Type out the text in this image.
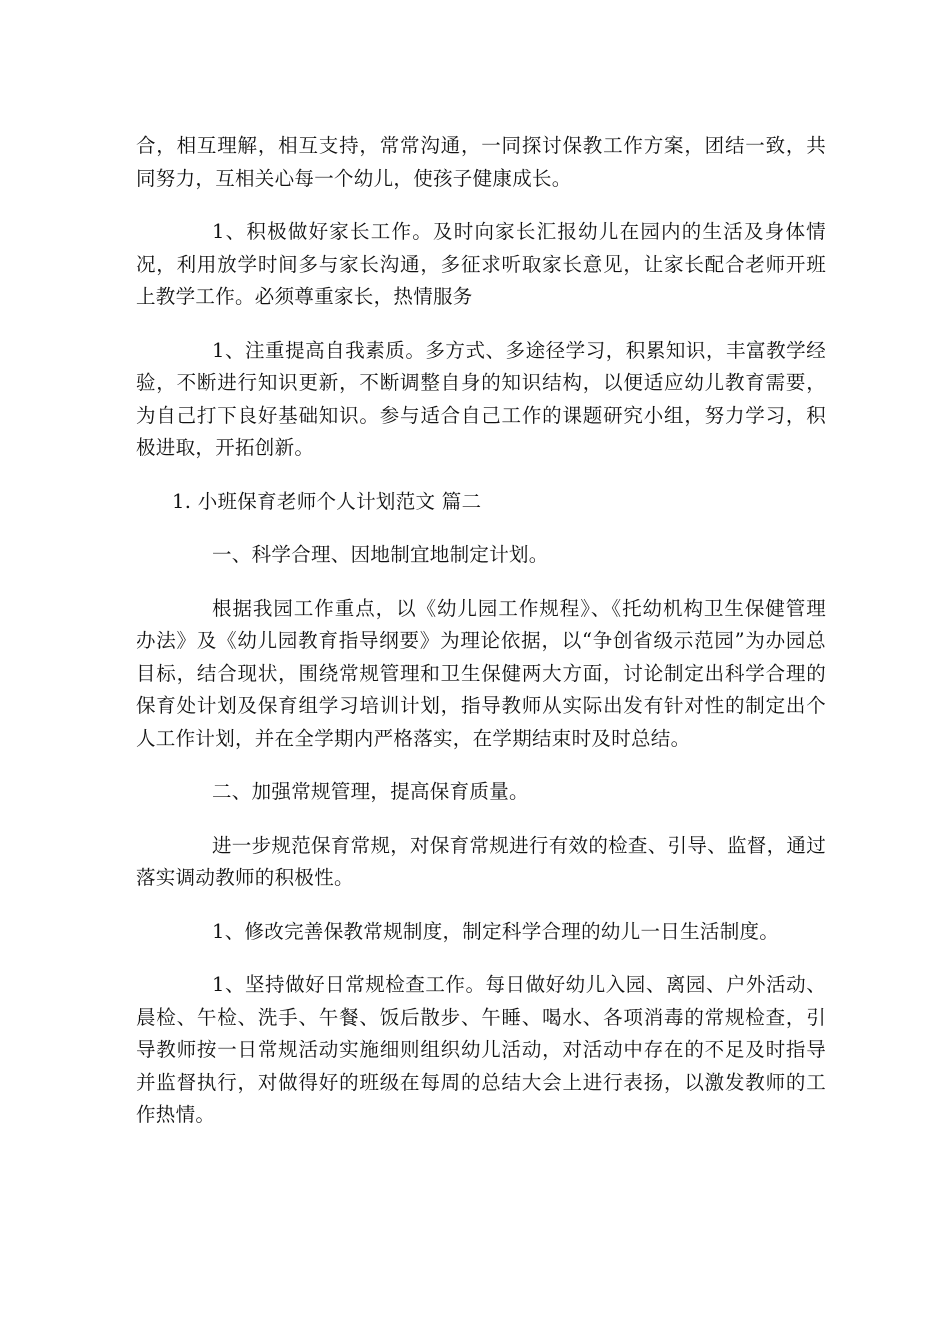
合，相互理解，相互支持，常常沟通，一同探讨保教工作方案，团结一致，共同努力，互相关心每一个幼儿，使孩子健康成长。

1、积极做好家长工作。及时向家长汇报幼儿在园内的生活及身体情况，利用放学时间多与家长沟通，多征求听取家长意见，让家长配合老师开班上教学工作。必须尊重家长，热情服务

1、注重提高自我素质。多方式、多途径学习，积累知识，丰富教学经验，不断进行知识更新，不断调整自身的知识结构，以便适应幼儿教育需要，为自己打下良好基础知识。参与适合自己工作的课题研究小组，努力学习，积极进取，开拓创新。

1. 小班保育老师个人计划范文 篇二

一、科学合理、因地制宜地制定计划。

根据我园工作重点，以《幼儿园工作规程》、《托幼机构卫生保健管理办法》及《幼儿园教育指导纲要》为理论依据，以“争创省级示范园”为办园总目标，结合现状，围绕常规管理和卫生保健两大方面，讨论制定出科学合理的保育处计划及保育组学习培训计划，指导教师从实际出发有针对性的制定出个人工作计划，并在全学期内严格落实，在学期结束时及时总结。

二、加强常规管理，提高保育质量。

进一步规范保育常规，对保育常规进行有效的检查、引导、监督，通过落实调动教师的积极性。

1、修改完善保教常规制度，制定科学合理的幼儿一日生活制度。

1、坚持做好日常规检查工作。每日做好幼儿入园、离园、户外活动、晨检、午检、洗手、午餐、饭后散步、午睡、喝水、各项消毒的常规检查，引导教师按一日常规活动实施细则组织幼儿活动，对活动中存在的不足及时指导并监督执行，对做得好的班级在每周的总结大会上进行表扬，以激发教师的工作热情。
